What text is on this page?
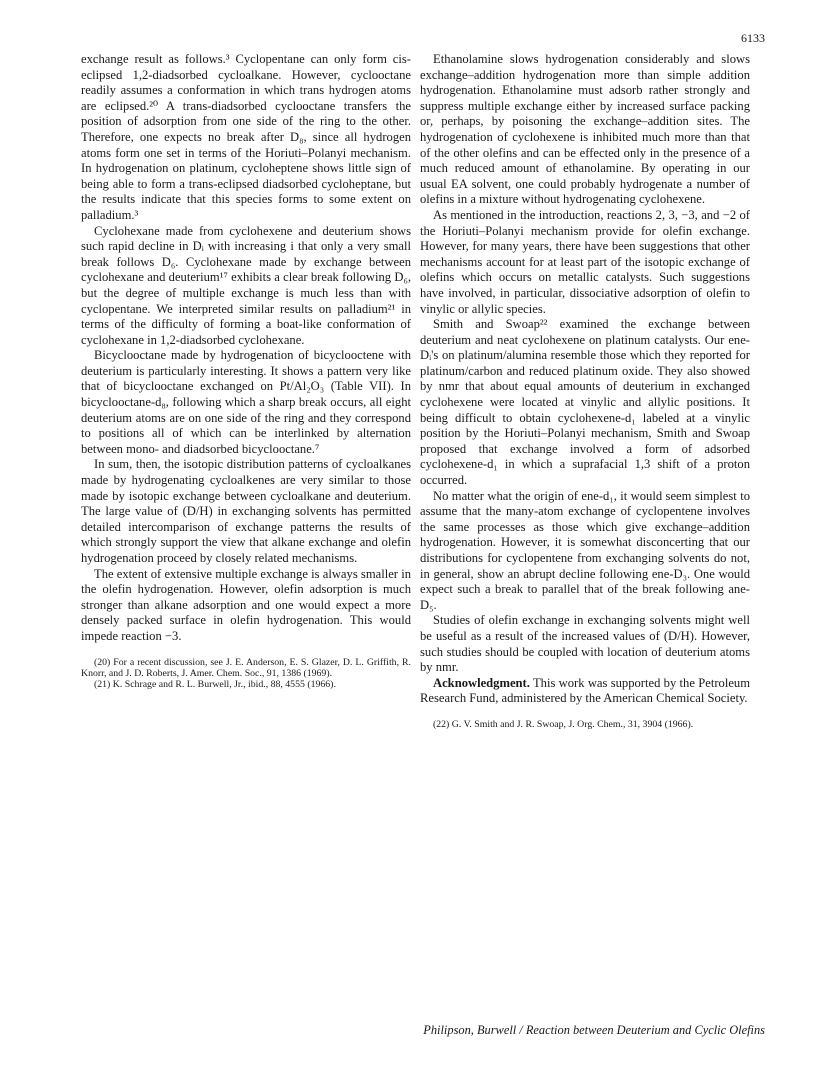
6133

exchange result as follows.³ Cyclopentane can only form cis-eclipsed 1,2-diadsorbed cycloalkane. However, cyclooctane readily assumes a conformation in which trans hydrogen atoms are eclipsed.²⁰ A trans-diadsorbed cyclooctane transfers the position of adsorption from one side of the ring to the other. Therefore, one expects no break after D₈, since all hydrogen atoms form one set in terms of the Horiuti–Polanyi mechanism. In hydrogenation on platinum, cycloheptene shows little sign of being able to form a trans-eclipsed diadsorbed cycloheptane, but the results indicate that this species forms to some extent on palladium.³

Cyclohexane made from cyclohexene and deuterium shows such rapid decline in Dᵢ with increasing i that only a very small break follows D₆. Cyclohexane made by exchange between cyclohexane and deuterium¹⁷ exhibits a clear break following D₆, but the degree of multiple exchange is much less than with cyclopentane. We interpreted similar results on palladium²¹ in terms of the difficulty of forming a boat-like conformation of cyclohexane in 1,2-diadsorbed cyclohexane.

Bicyclooctane made by hydrogenation of bicyclooctene with deuterium is particularly interesting. It shows a pattern very like that of bicyclooctane exchanged on Pt/Al₂O₃ (Table VII). In bicyclooctane-d₈, following which a sharp break occurs, all eight deuterium atoms are on one side of the ring and they correspond to positions all of which can be interlinked by alternation between mono- and diadsorbed bicyclooctane.⁷

In sum, then, the isotopic distribution patterns of cycloalkanes made by hydrogenating cycloalkenes are very similar to those made by isotopic exchange between cycloalkane and deuterium. The large value of (D/H) in exchanging solvents has permitted detailed intercomparison of exchange patterns the results of which strongly support the view that alkane exchange and olefin hydrogenation proceed by closely related mechanisms.

The extent of extensive multiple exchange is always smaller in the olefin hydrogenation. However, olefin adsorption is much stronger than alkane adsorption and one would expect a more densely packed surface in olefin hydrogenation. This would impede reaction −3.

(20) For a recent discussion, see J. E. Anderson, E. S. Glazer, D. L. Griffith, R. Knorr, and J. D. Roberts, J. Amer. Chem. Soc., 91, 1386 (1969).

(21) K. Schrage and R. L. Burwell, Jr., ibid., 88, 4555 (1966).

Ethanolamine slows hydrogenation considerably and slows exchange–addition hydrogenation more than simple addition hydrogenation. Ethanolamine must adsorb rather strongly and suppress multiple exchange either by increased surface packing or, perhaps, by poisoning the exchange–addition sites. The hydrogenation of cyclohexene is inhibited much more than that of the other olefins and can be effected only in the presence of a much reduced amount of ethanolamine. By operating in our usual EA solvent, one could probably hydrogenate a number of olefins in a mixture without hydrogenating cyclohexene.

As mentioned in the introduction, reactions 2, 3, −3, and −2 of the Horiuti–Polanyi mechanism provide for olefin exchange. However, for many years, there have been suggestions that other mechanisms account for at least part of the isotopic exchange of olefins which occurs on metallic catalysts. Such suggestions have involved, in particular, dissociative adsorption of olefin to vinylic or allylic species.

Smith and Swoap²² examined the exchange between deuterium and neat cyclohexene on platinum catalysts. Our ene-Dᵢ's on platinum/alumina resemble those which they reported for platinum/carbon and reduced platinum oxide. They also showed by nmr that about equal amounts of deuterium in exchanged cyclohexene were located at vinylic and allylic positions. It being difficult to obtain cyclohexene-d₁ labeled at a vinylic position by the Horiuti–Polanyi mechanism, Smith and Swoap proposed that exchange involved a form of adsorbed cyclohexene-d₁ in which a suprafacial 1,3 shift of a proton occurred.

No matter what the origin of ene-d₁, it would seem simplest to assume that the many-atom exchange of cyclopentene involves the same processes as those which give exchange–addition hydrogenation. However, it is somewhat disconcerting that our distributions for cyclopentene from exchanging solvents do not, in general, show an abrupt decline following ene-D₃. One would expect such a break to parallel that of the break following ane-D₅.

Studies of olefin exchange in exchanging solvents might well be useful as a result of the increased values of (D/H). However, such studies should be coupled with location of deuterium atoms by nmr.

Acknowledgment. This work was supported by the Petroleum Research Fund, administered by the American Chemical Society.

(22) G. V. Smith and J. R. Swoap, J. Org. Chem., 31, 3904 (1966).

Philipson, Burwell / Reaction between Deuterium and Cyclic Olefins
